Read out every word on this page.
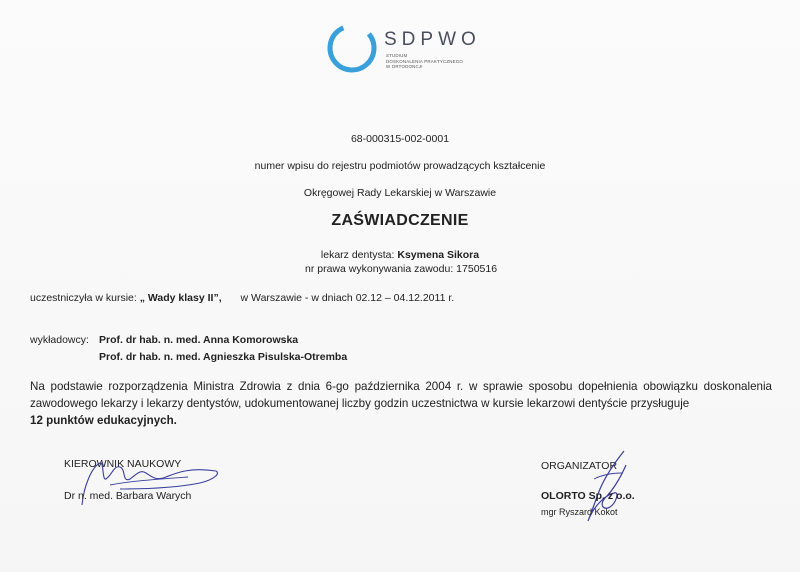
SDPWO
STUDIUM
DOSKONALENIA PRAKTYCZNEGO
W ORTODONCJI
68-000315-002-0001
numer wpisu do rejestru podmiotów prowadzących kształcenie
Okręgowej Rady Lekarskiej w Warszawie
ZAŚWIADCZENIE
lekarz dentysta: Ksymena Sikora
nr prawa wykonywania zawodu: 1750516
uczestniczyła w kursie: „ Wady klasy II”, w Warszawie - w dniach 02.12 – 04.12.2011 r.
wykładowcy: Prof. dr hab. n. med. Anna Komorowska
Prof. dr hab. n. med. Agnieszka Pisulska-Otremba
Na podstawie rozporządzenia Ministra Zdrowia z dnia 6-go października 2004 r. w sprawie sposobu dopełnienia obowiązku doskonalenia zawodowego lekarzy i lekarzy dentystów, udokumentowanej liczby godzin uczestnictwa w kursie lekarzowi dentyście przysługuje
12 punktów edukacyjnych.
KIEROWNIK NAUKOWY
Dr n. med. Barbara Warych
ORGANIZATOR
OLORTO Sp. z o.o.
mgr Ryszard Kokot
